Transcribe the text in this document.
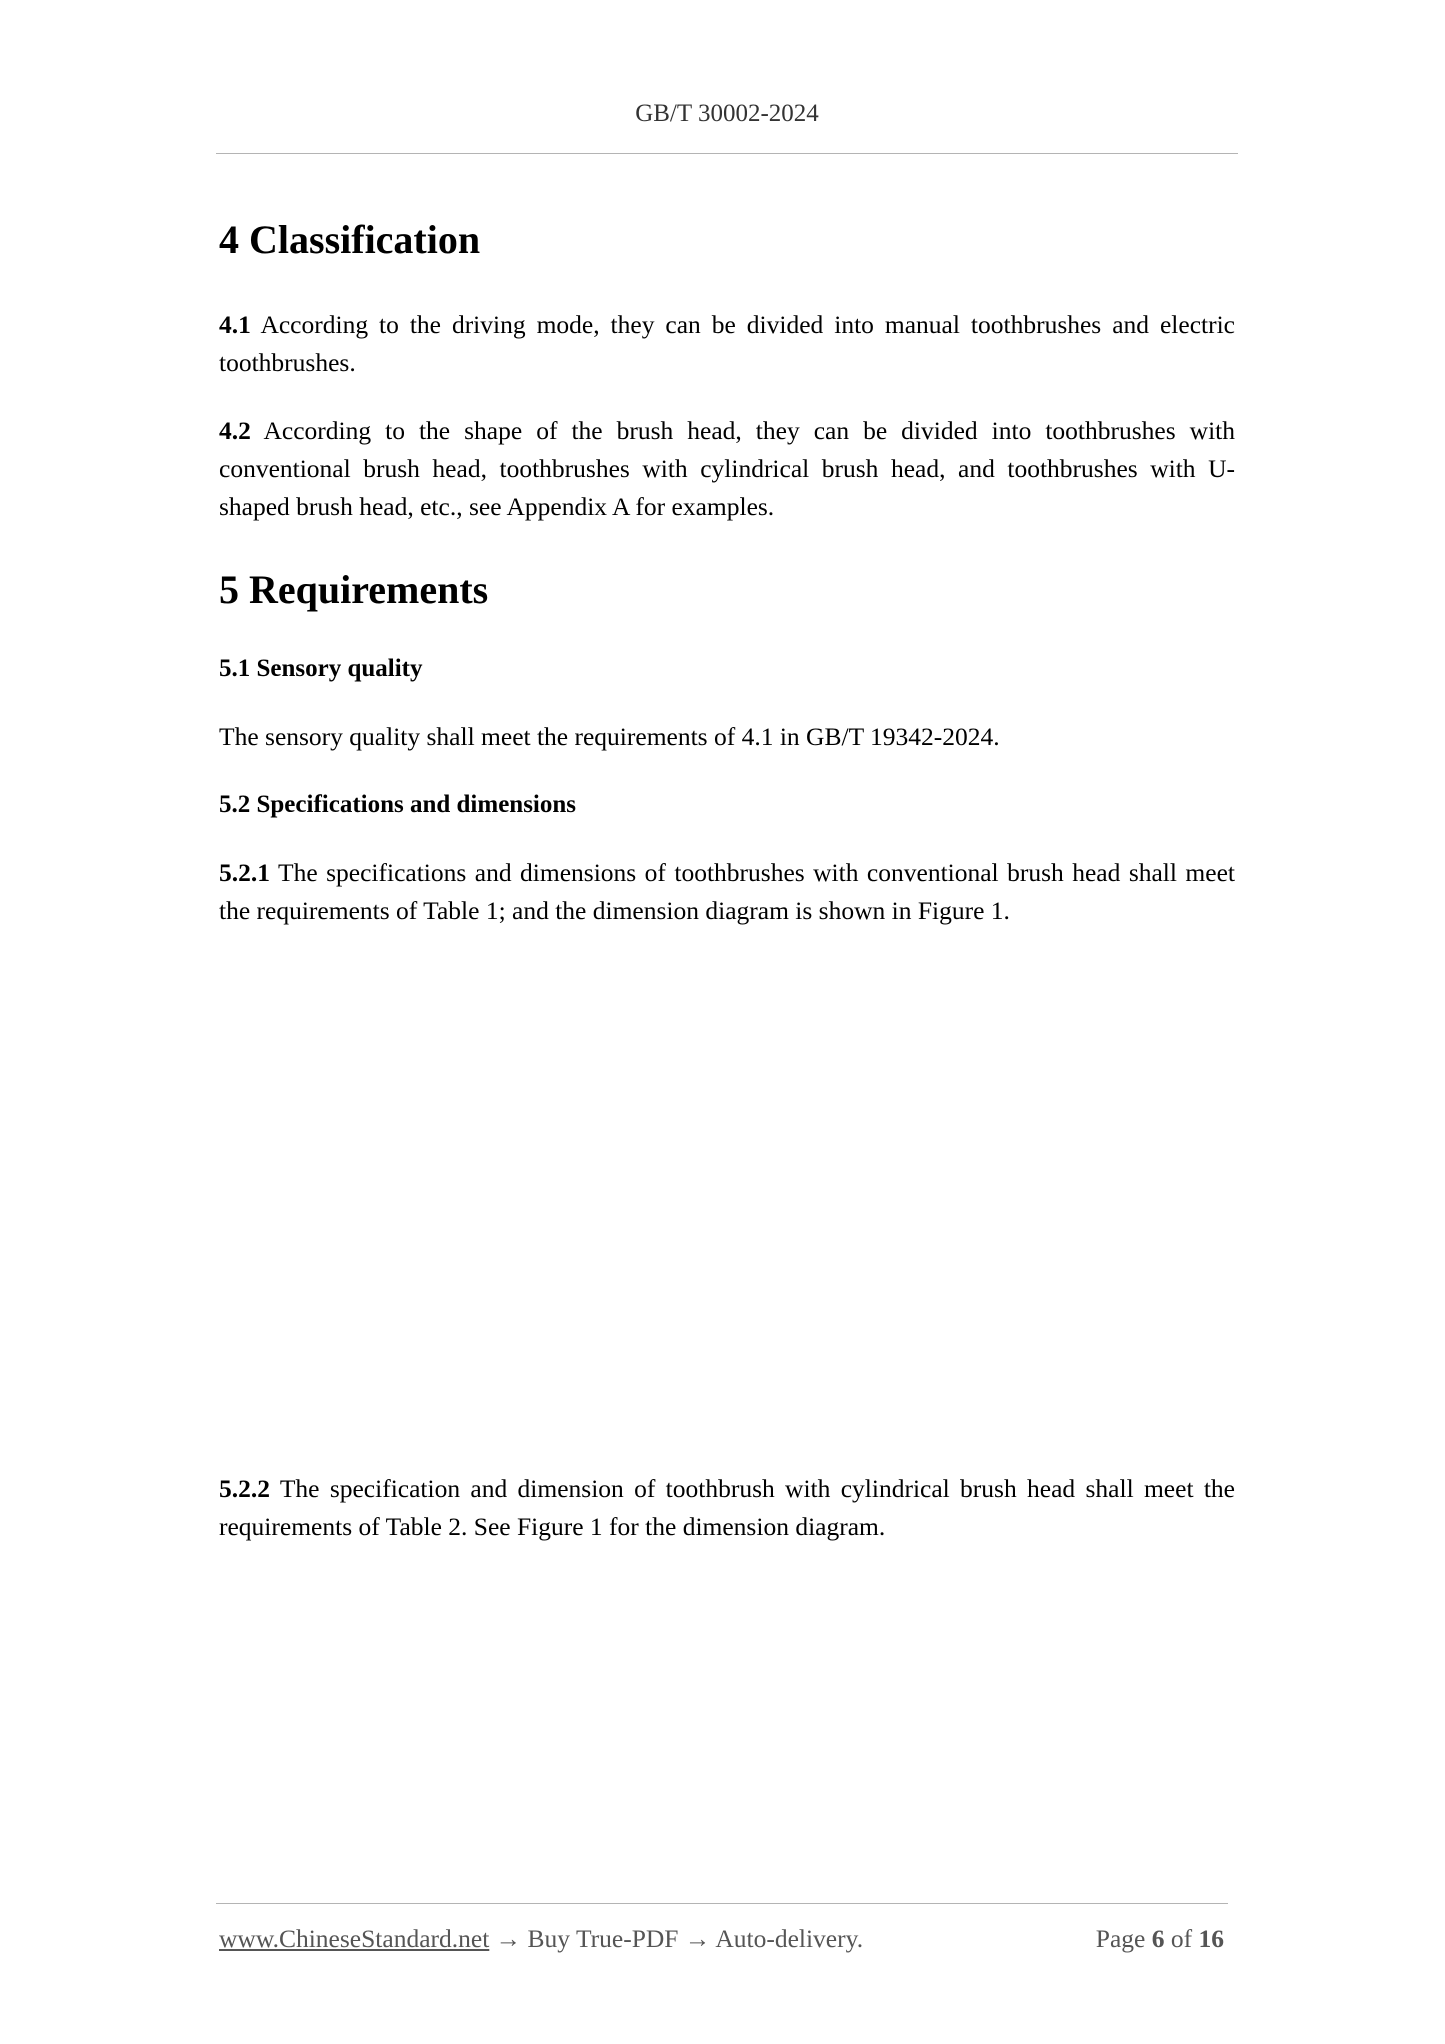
GB/T 30002-2024
4 Classification

4.1 According to the driving mode, they can be divided into manual toothbrushes and electric toothbrushes.

4.2 According to the shape of the brush head, they can be divided into toothbrushes with conventional brush head, toothbrushes with cylindrical brush head, and toothbrushes with U-shaped brush head, etc., see Appendix A for examples.

5 Requirements
5.1 Sensory quality

The sensory quality shall meet the requirements of 4.1 in GB/T 19342-2024.

5.2 Specifications and dimensions

5.2.1 The specifications and dimensions of toothbrushes with conventional brush head shall meet the requirements of Table 1; and the dimension diagram is shown in Figure 1.

5.2.2 The specification and dimension of toothbrush with cylindrical brush head shall meet the requirements of Table 2. See Figure 1 for the dimension diagram.

www.ChineseStandard.net → Buy True-PDF → Auto-delivery.	Page 6 of 16
